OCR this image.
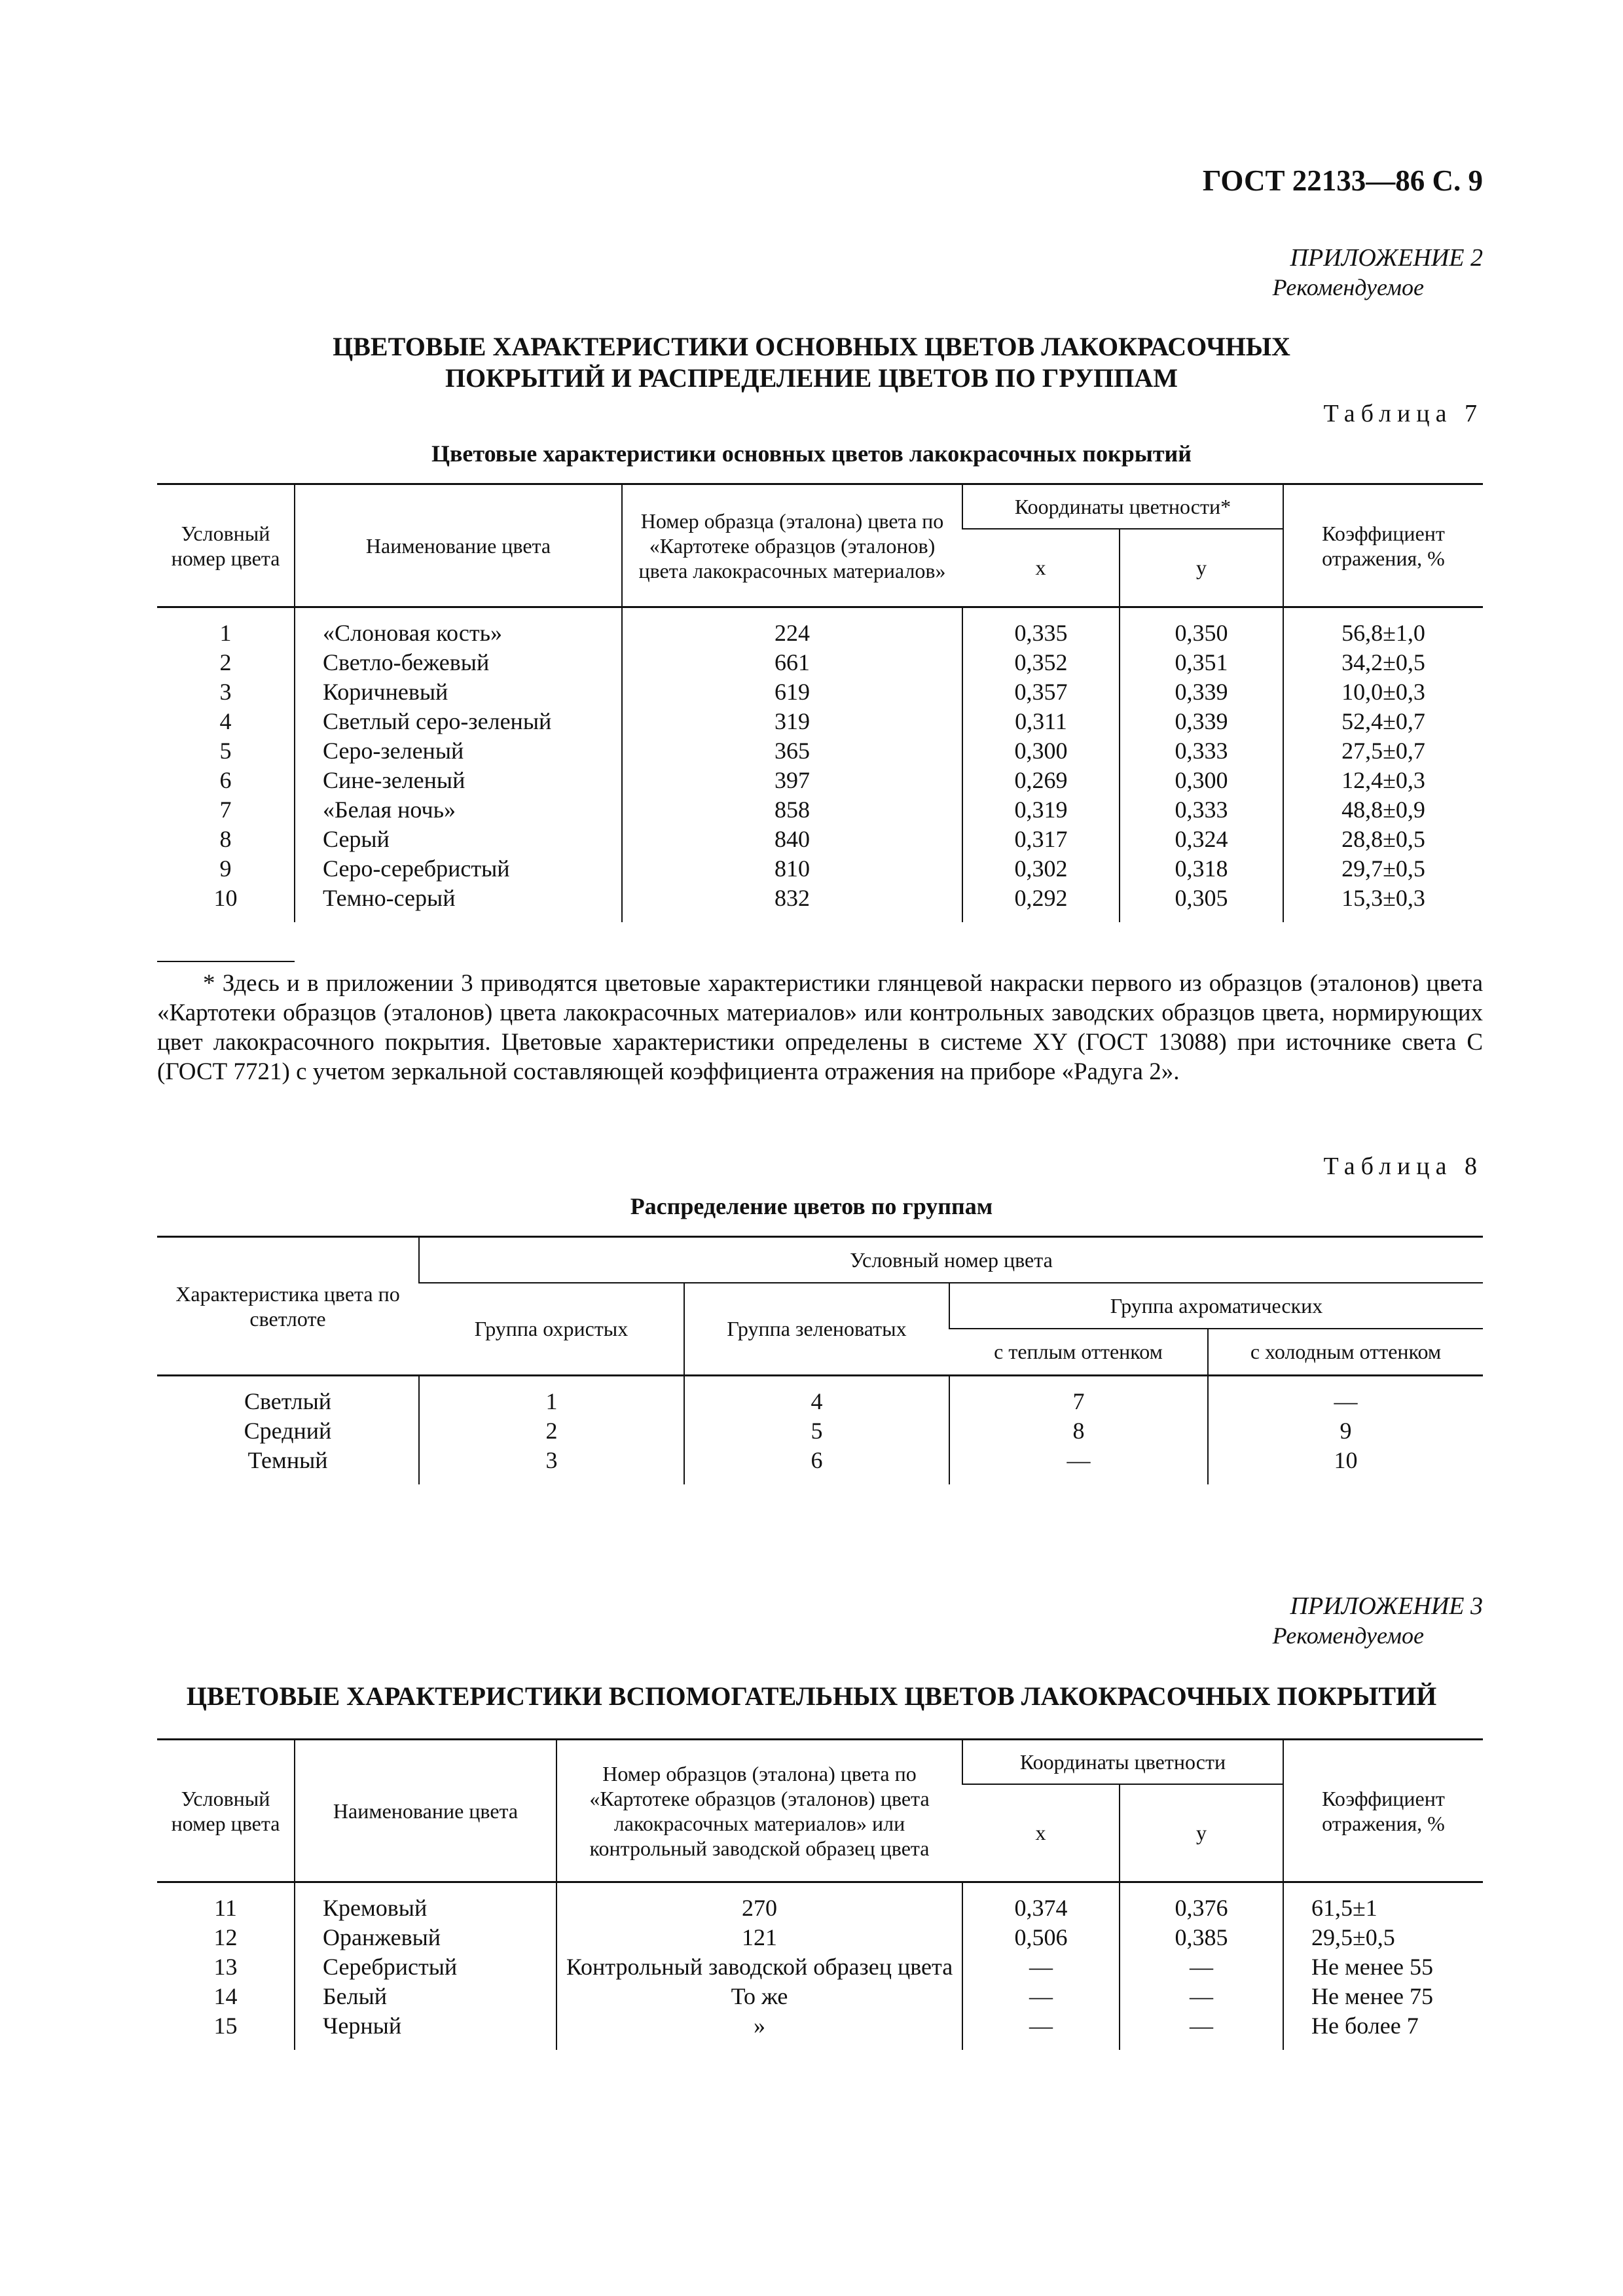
ГОСТ 22133—86 С. 9
ПРИЛОЖЕНИЕ 2
Рекомендуемое
ЦВЕТОВЫЕ ХАРАКТЕРИСТИКИ ОСНОВНЫХ ЦВЕТОВ ЛАКОКРАСОЧНЫХ
ПОКРЫТИЙ И РАСПРЕДЕЛЕНИЕ ЦВЕТОВ ПО ГРУППАМ
Таблица 7
Цветовые характеристики основных цветов лакокрасочных покрытий
Условный номер цвета	Наименование цвета	Номер образца (эталона) цвета по «Картотеке образцов (эталонов) цвета лакокрасочных материалов»	Координаты цветности*		Коэффициент отражения, %
			x	y	
1	«Слоновая кость»	224	0,335	0,350	56,8±1,0
2	Светло-бежевый	661	0,352	0,351	34,2±0,5
3	Коричневый	619	0,357	0,339	10,0±0,3
4	Светлый серо-зеленый	319	0,311	0,339	52,4±0,7
5	Серо-зеленый	365	0,300	0,333	27,5±0,7
6	Сине-зеленый	397	0,269	0,300	12,4±0,3
7	«Белая ночь»	858	0,319	0,333	48,8±0,9
8	Серый	840	0,317	0,324	28,8±0,5
9	Серо-серебристый	810	0,302	0,318	29,7±0,5
10	Темно-серый	832	0,292	0,305	15,3±0,3

* Здесь и в приложении 3 приводятся цветовые характеристики глянцевой накраски первого из образцов (эталонов) цвета «Картотеки образцов (эталонов) цвета лакокрасочных материалов» или контрольных заводских образцов цвета, нормирующих цвет лакокрасочного покрытия. Цветовые характеристики определены в системе XY (ГОСТ 13088) при источнике света С (ГОСТ 7721) с учетом зеркальной составляющей коэффициента отражения на приборе «Радуга 2».

Таблица 8
Распределение цветов по группам
Характеристика цвета по светлоте	Условный номер цвета			
	Группа охристых	Группа зеленоватых	Группа ахроматических	
			с теплым оттенком	с холодным оттенком
Светлый	1	4	7	—
Средний	2	5	8	9
Темный	3	6	—	10
ПРИЛОЖЕНИЕ 3
Рекомендуемое
ЦВЕТОВЫЕ ХАРАКТЕРИСТИКИ ВСПОМОГАТЕЛЬНЫХ ЦВЕТОВ ЛАКОКРАСОЧНЫХ ПОКРЫТИЙ
Условный номер цвета	Наименование цвета	Номер образцов (эталона) цвета по «Картотеке образцов (эталонов) цвета лакокрасочных материалов» или контрольный заводской образец цвета	Координаты цветности		Коэффициент отражения, %
			x	y	
11	Кремовый	270	0,374	0,376	61,5±1
12	Оранжевый	121	0,506	0,385	29,5±0,5
13	Серебристый	Контрольный заводской образец цвета	—	—	Не менее 55
14	Белый	То же	—	—	Не менее 75
15	Черный	»	—	—	Не более 7
